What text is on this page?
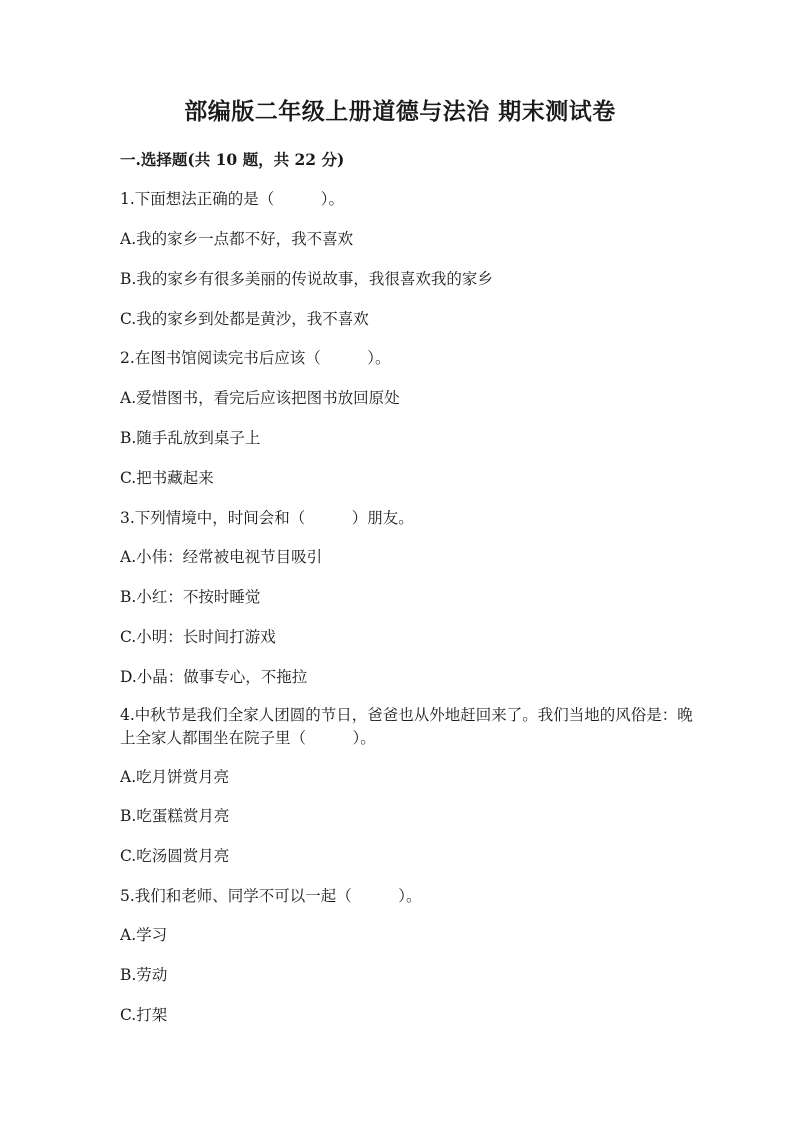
部编版二年级上册道德与法治 期末测试卷
一.选择题(共 10 题，共 22 分)
1.下面想法正确的是（　　　）。
A.我的家乡一点都不好，我不喜欢
B.我的家乡有很多美丽的传说故事，我很喜欢我的家乡
C.我的家乡到处都是黄沙，我不喜欢
2.在图书馆阅读完书后应该（　　　）。
A.爱惜图书，看完后应该把图书放回原处
B.随手乱放到桌子上
C.把书藏起来
3.下列情境中，时间会和（　　　）朋友。
A.小伟：经常被电视节目吸引
B.小红：不按时睡觉
C.小明：长时间打游戏
D.小晶：做事专心，不拖拉
4.中秋节是我们全家人团圆的节日，爸爸也从外地赶回来了。我们当地的风俗是：晚上全家人都围坐在院子里（　　　）。
A.吃月饼赏月亮
B.吃蛋糕赏月亮
C.吃汤圆赏月亮
5.我们和老师、同学不可以一起（　　　）。
A.学习
B.劳动
C.打架
